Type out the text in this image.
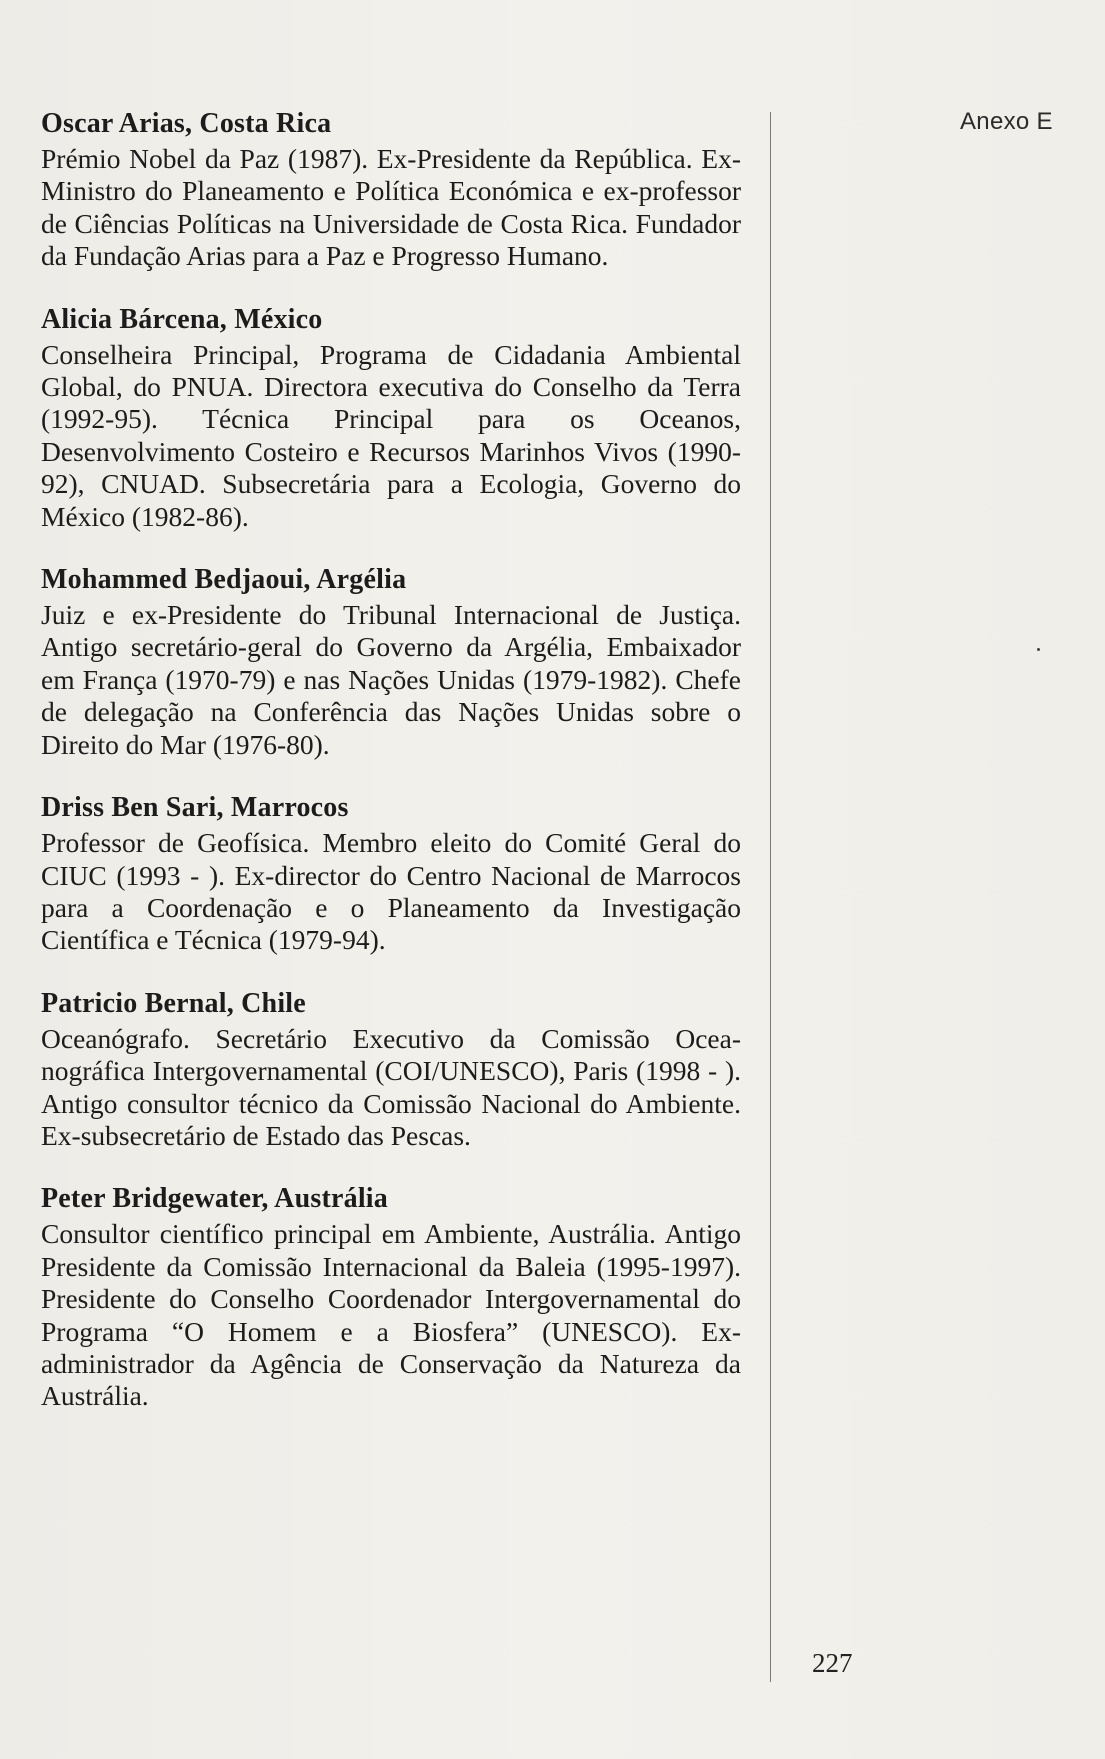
Anexo E
Oscar Arias, Costa Rica

Prémio Nobel da Paz (1987). Ex-Presidente da República. Ex-Ministro do Planeamento e Política Económica e ex-professor de Ciências Políticas na Universidade de Costa Rica. Fundador da Fundação Arias para a Paz e Progresso Humano.

Alicia Bárcena, México

Conselheira Principal, Programa de Cidadania Ambiental Global, do PNUA. Directora executiva do Conselho da Terra (1992-95). Técnica Principal para os Oceanos, Desenvolvimento Costeiro e Recursos Marinhos Vivos (1990-92), CNUAD. Subsecretária para a Ecologia, Governo do México (1982-86).

Mohammed Bedjaoui, Argélia

Juiz e ex-Presidente do Tribunal Internacional de Justiça. Antigo secretário-geral do Governo da Argélia, Embaixador em França (1970-79) e nas Nações Unidas (1979-1982). Chefe de delegação na Conferência das Nações Unidas sobre o Direito do Mar (1976-80).

Driss Ben Sari, Marrocos

Professor de Geofísica. Membro eleito do Comité Geral do CIUC (1993 - ). Ex-director do Centro Nacional de Marrocos para a Coordenação e o Planeamento da Investigação Científica e Técnica (1979-94).

Patricio Bernal, Chile

Oceanógrafo. Secretário Executivo da Comissão Oceanográfica Intergovernamental (COI/UNESCO), Paris (1998 - ). Antigo consultor técnico da Comissão Nacional do Ambiente. Ex-subsecretário de Estado das Pescas.

Peter Bridgewater, Austrália

Consultor científico principal em Ambiente, Austrália. Antigo Presidente da Comissão Internacional da Baleia (1995-1997). Presidente do Conselho Coordenador Intergovernamental do Programa “O Homem e a Biosfera” (UNESCO). Ex-administrador da Agência de Conservação da Natureza da Austrália.

227
